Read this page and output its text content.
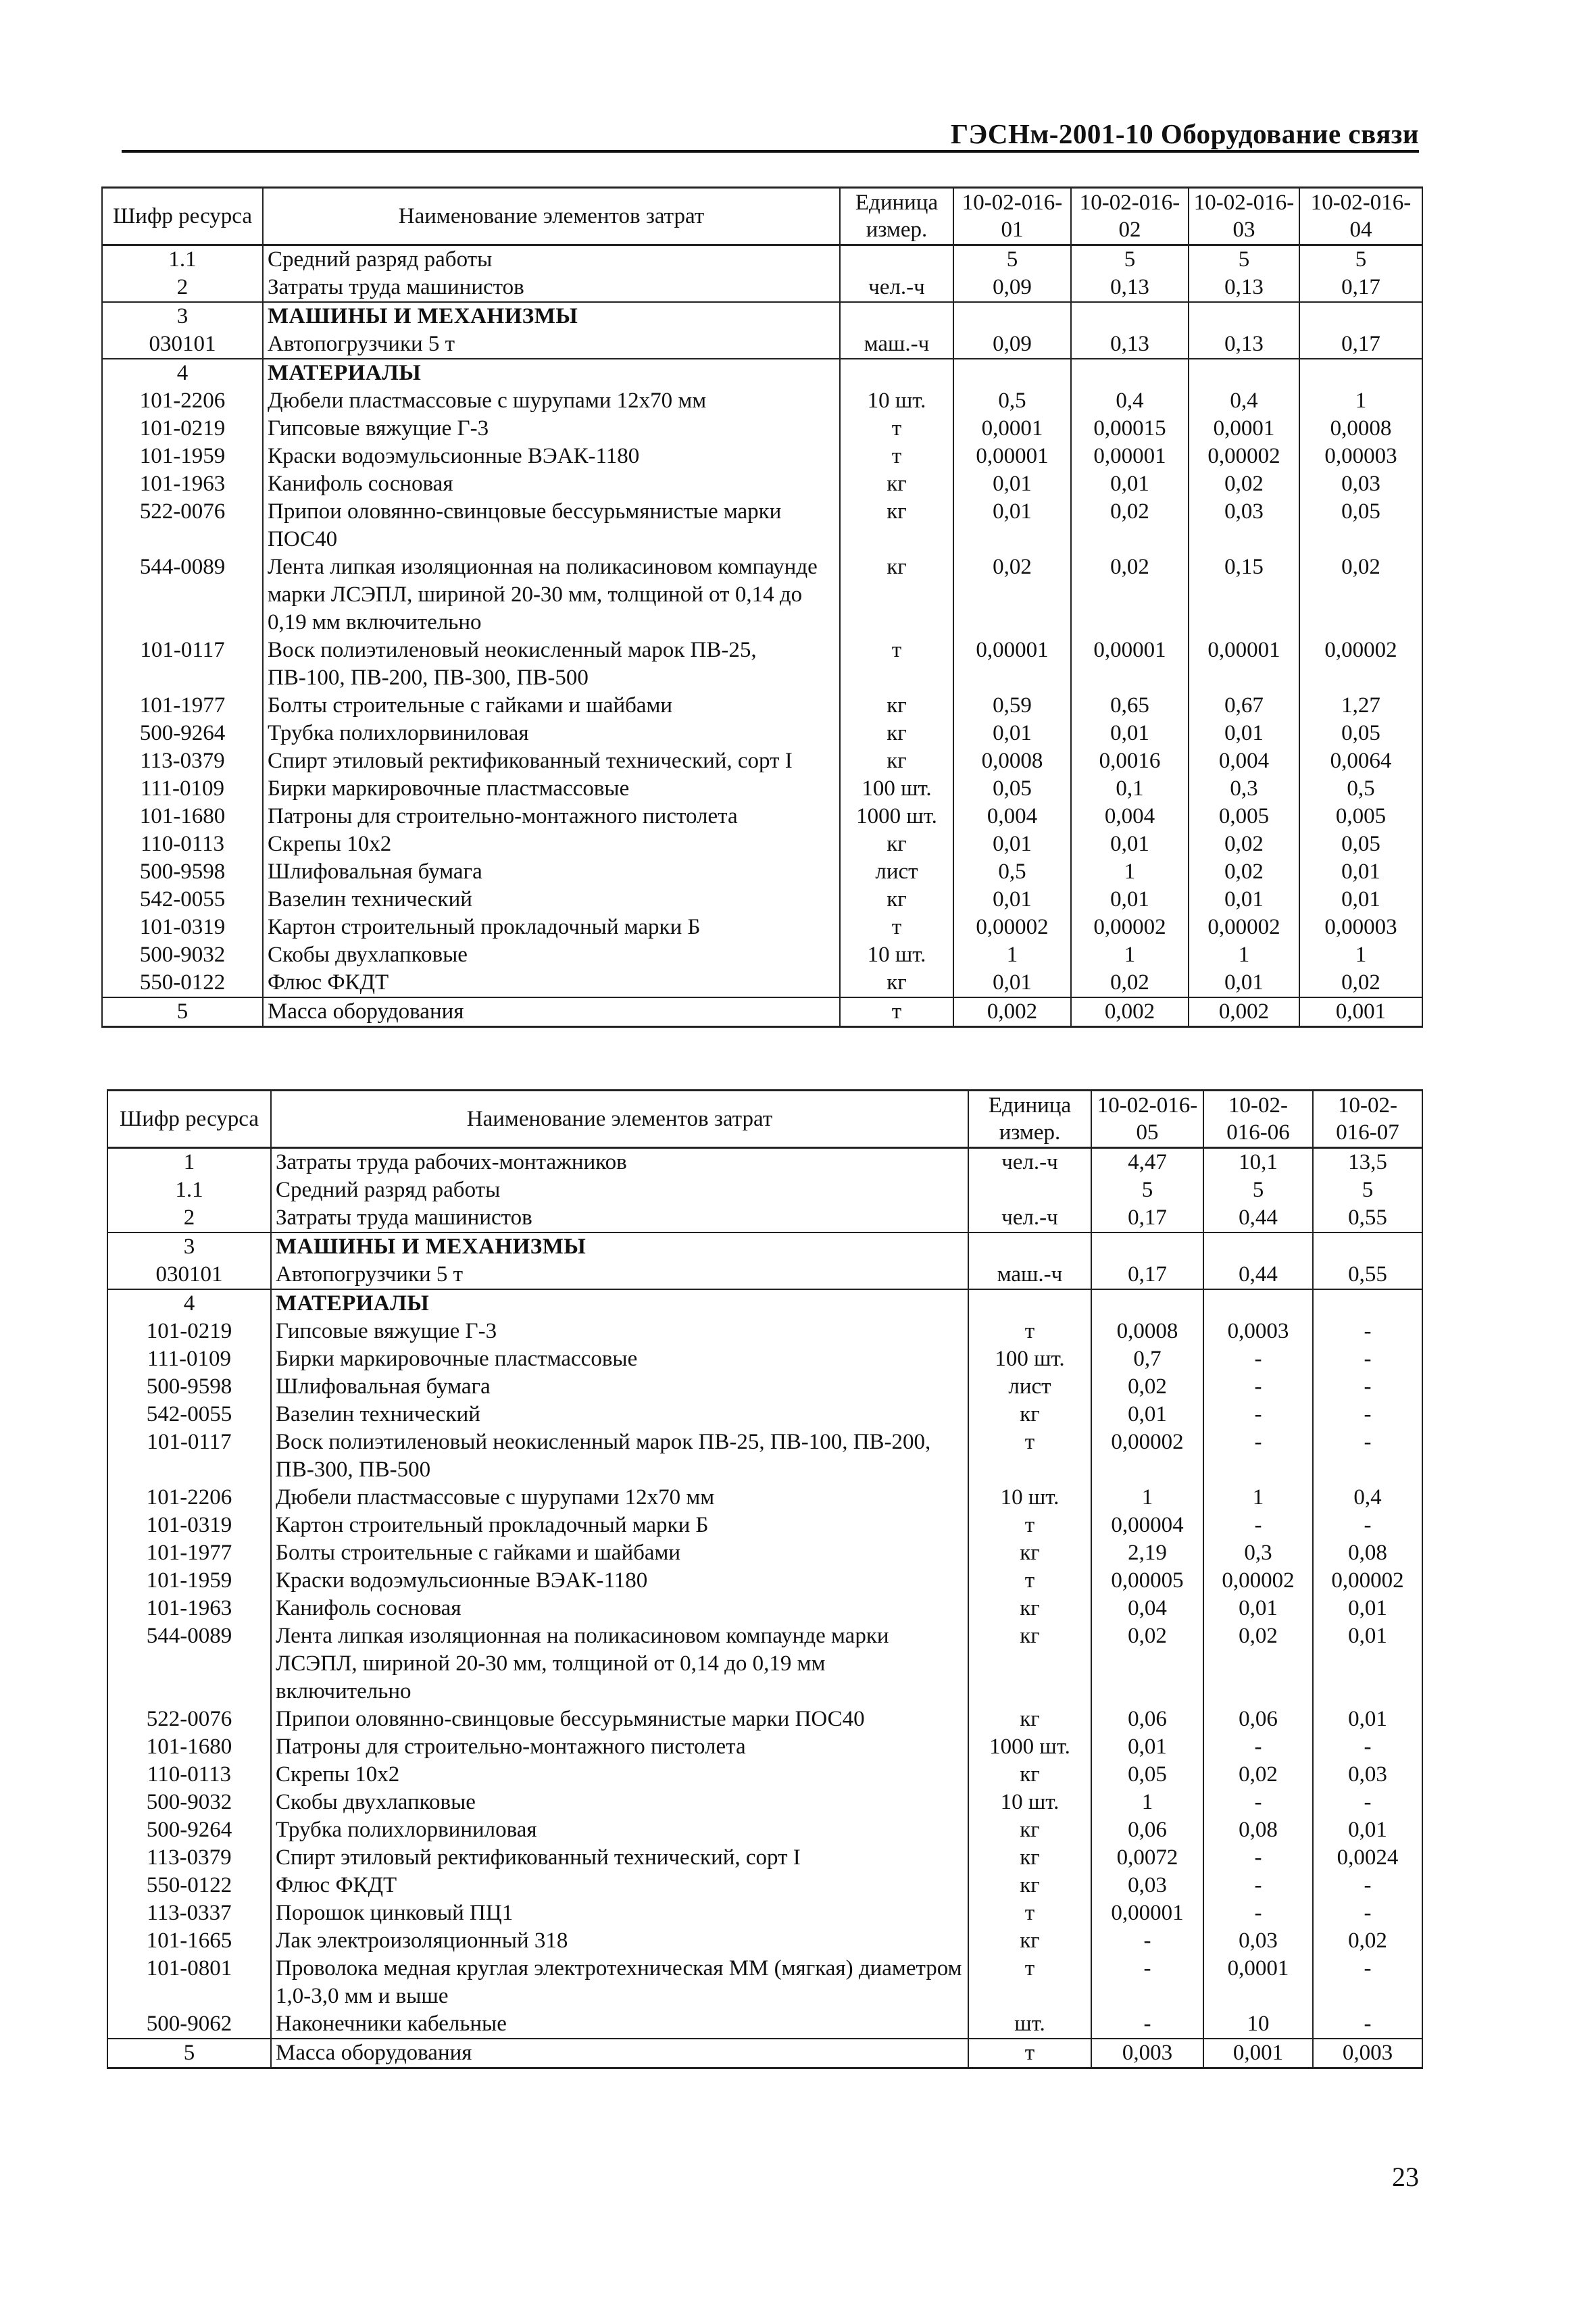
ГЭСНм-2001-10 Оборудование связи
Шифр ресурса	Наименование элементов затрат	Единица измер.	10-02-016-01	10-02-016-02	10-02-016-03	10-02-016-04
1.1	Средний разряд работы		5	5	5	5
2	Затраты труда машинистов	чел.-ч	0,09	0,13	0,13	0,17
3	МАШИНЫ И МЕХАНИЗМЫ					
030101	Автопогрузчики 5 т	маш.-ч	0,09	0,13	0,13	0,17
4	МАТЕРИАЛЫ					
101-2206	Дюбели пластмассовые с шурупами 12x70 мм	10 шт.	0,5	0,4	0,4	1
101-0219	Гипсовые вяжущие Г-3	т	0,0001	0,00015	0,0001	0,0008
101-1959	Краски водоэмульсионные ВЭАК-1180	т	0,00001	0,00001	0,00002	0,00003
101-1963	Канифоль сосновая	кг	0,01	0,01	0,02	0,03
522-0076	Припои оловянно-свинцовые бессурьмянистые марки ПОС40	кг	0,01	0,02	0,03	0,05
544-0089	Лента липкая изоляционная на поликасиновом компаунде марки ЛСЭПЛ, шириной 20-30 мм, толщиной от 0,14 до 0,19 мм включительно	кг	0,02	0,02	0,15	0,02
101-0117	Воск полиэтиленовый неокисленный марок ПВ-25, ПВ-100, ПВ-200, ПВ-300, ПВ-500	т	0,00001	0,00001	0,00001	0,00002
101-1977	Болты строительные с гайками и шайбами	кг	0,59	0,65	0,67	1,27
500-9264	Трубка полихлорвиниловая	кг	0,01	0,01	0,01	0,05
113-0379	Спирт этиловый ректификованный технический, сорт I	кг	0,0008	0,0016	0,004	0,0064
111-0109	Бирки маркировочные пластмассовые	100 шт.	0,05	0,1	0,3	0,5
101-1680	Патроны для строительно-монтажного пистолета	1000 шт.	0,004	0,004	0,005	0,005
110-0113	Скрепы 10x2	кг	0,01	0,01	0,02	0,05
500-9598	Шлифовальная бумага	лист	0,5	1	0,02	0,01
542-0055	Вазелин технический	кг	0,01	0,01	0,01	0,01
101-0319	Картон строительный прокладочный марки Б	т	0,00002	0,00002	0,00002	0,00003
500-9032	Скобы двухлапковые	10 шт.	1	1	1	1
550-0122	Флюс ФКДТ	кг	0,01	0,02	0,01	0,02
5	Масса оборудования	т	0,002	0,002	0,002	0,001
Шифр ресурса	Наименование элементов затрат	Единица измер.	10-02-016-05	10-02-016-06	10-02-016-07
1	Затраты труда рабочих-монтажников	чел.-ч	4,47	10,1	13,5
1.1	Средний разряд работы		5	5	5
2	Затраты труда машинистов	чел.-ч	0,17	0,44	0,55
3	МАШИНЫ И МЕХАНИЗМЫ				
030101	Автопогрузчики 5 т	маш.-ч	0,17	0,44	0,55
4	МАТЕРИАЛЫ				
101-0219	Гипсовые вяжущие Г-3	т	0,0008	0,0003	-
111-0109	Бирки маркировочные пластмассовые	100 шт.	0,7	-	-
500-9598	Шлифовальная бумага	лист	0,02	-	-
542-0055	Вазелин технический	кг	0,01	-	-
101-0117	Воск полиэтиленовый неокисленный марок ПВ-25, ПВ-100, ПВ-200, ПВ-300, ПВ-500	т	0,00002	-	-
101-2206	Дюбели пластмассовые с шурупами 12x70 мм	10 шт.	1	1	0,4
101-0319	Картон строительный прокладочный марки Б	т	0,00004	-	-
101-1977	Болты строительные с гайками и шайбами	кг	2,19	0,3	0,08
101-1959	Краски водоэмульсионные ВЭАК-1180	т	0,00005	0,00002	0,00002
101-1963	Канифоль сосновая	кг	0,04	0,01	0,01
544-0089	Лента липкая изоляционная на поликасиновом компаунде марки ЛСЭПЛ, шириной 20-30 мм, толщиной от 0,14 до 0,19 мм включительно	кг	0,02	0,02	0,01
522-0076	Припои оловянно-свинцовые бессурьмянистые марки ПОС40	кг	0,06	0,06	0,01
101-1680	Патроны для строительно-монтажного пистолета	1000 шт.	0,01	-	-
110-0113	Скрепы 10x2	кг	0,05	0,02	0,03
500-9032	Скобы двухлапковые	10 шт.	1	-	-
500-9264	Трубка полихлорвиниловая	кг	0,06	0,08	0,01
113-0379	Спирт этиловый ректификованный технический, сорт I	кг	0,0072	-	0,0024
550-0122	Флюс ФКДТ	кг	0,03	-	-
113-0337	Порошок цинковый ПЦ1	т	0,00001	-	-
101-1665	Лак электроизоляционный 318	кг	-	0,03	0,02
101-0801	Проволока медная круглая электротехническая ММ (мягкая) диаметром 1,0-3,0 мм и выше	т	-	0,0001	-
500-9062	Наконечники кабельные	шт.	-	10	-
5	Масса оборудования	т	0,003	0,001	0,003
23
